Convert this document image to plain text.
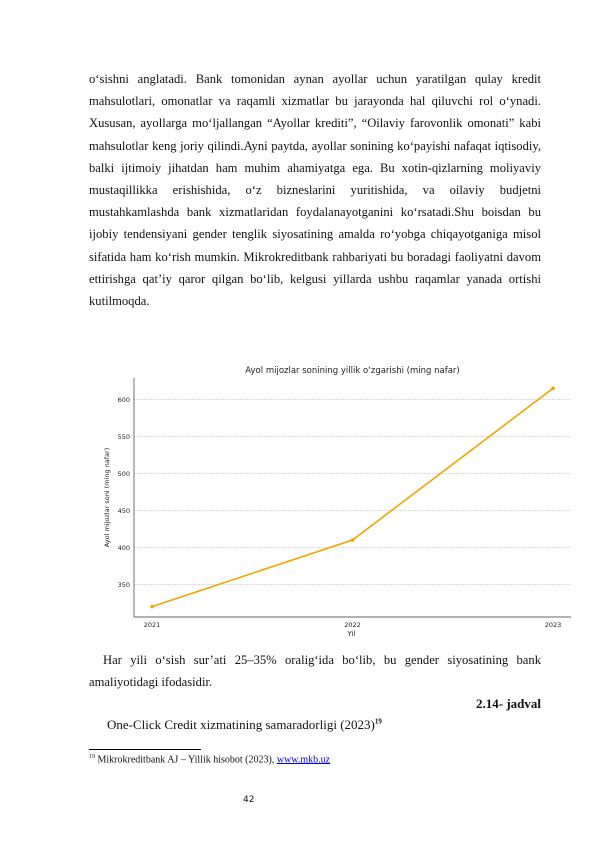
o‘sishni anglatadi. Bank tomonidan aynan ayollar uchun yaratilgan qulay kredit mahsulotlari, omonatlar va raqamli xizmatlar bu jarayonda hal qiluvchi rol o‘ynadi. Xususan, ayollarga mo‘ljallangan “Ayollar krediti”, “Oilaviy farovonlik omonati” kabi mahsulotlar keng joriy qilindi.Ayni paytda, ayollar sonining ko‘payishi nafaqat iqtisodiy, balki ijtimoiy jihatdan ham muhim ahamiyatga ega. Bu xotin-qizlarning moliyaviy mustaqillikka erishishida, o‘z bizneslarini yuritishida, va oilaviy budjetni mustahkamlashda bank xizmatlaridan foydalanayotganini ko‘rsatadi.Shu boisdan bu ijobiy tendensiyani gender tenglik siyosatining amalda ro‘yobga chiqayotganiga misol sifatida ham ko‘rish mumkin. Mikrokreditbank rahbariyati bu boradagi faoliyatni davom ettirishga qat’iy qaror qilgan bo‘lib, kelgusi yillarda ushbu raqamlar yanada ortishi kutilmoqda.
Ayol mijozlar sonining yillik o‘zgarishi (ming nafar)
350
400
450
500
550
600
2021	2022	2023
Yil
Ayol mijozlar soni (ming nafar)
Har yili o‘sish sur’ati 25–35% oralig‘ida bo‘lib, bu gender siyosatining bank amaliyotidagi ifodasidir.
2.14- jadval
One-Click Credit xizmatining samaradorligi $(2023)^{19}$
$^{19}$ Mikrokreditbank AJ – Yillik hisobot (2023), www.mkb.uz
42
